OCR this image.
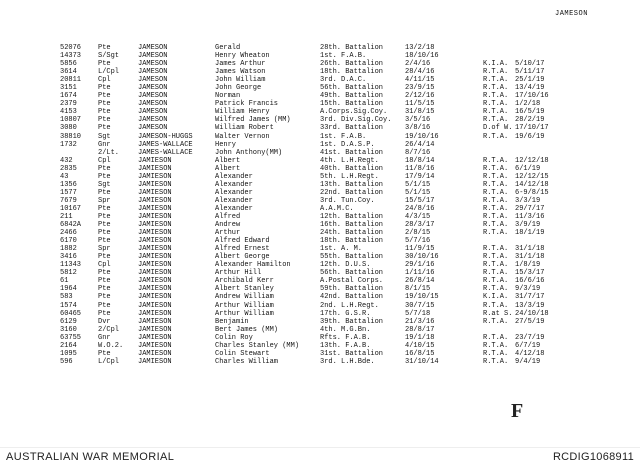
JAMESON
52076 Pte	JAMESON	Gerald	28th. Battalion	13/2/18
14373 S/Sgt	JAMESON	Henry Wheaton	1st. F.A.B.	18/10/16
5856	Pte	JAMESON	James Arthur	26th. Battalion	2/4/16	K.I.A. 5/10/17
3614	L/Cpl	JAMESON	James Watson	18th. Battalion	28/4/16	R.T.A. 5/11/17
20811 Cpl	JAMESON	John William	3rd. D.A.C.	4/11/15	R.T.A. 25/1/19
3151	Pte	JAMESON	John George	56th. Battalion	23/9/15	R.T.A. 13/4/19
1674	Pte	JAMESON	Norman	49th. Battalion	2/12/16	R.T.A. 17/10/16
2379	Pte	JAMESON	Patrick Francis	15th. Battalion	11/5/15	R.T.A. 1/2/18
4153	Pte	JAMESON	William Henry	A.Corps.Sig.Coy.	31/8/15	R.T.A. 16/5/19
10807 Pte	JAMESON	Wilfred James (MM)	3rd. Div.Sig.Coy. 3/5/16	R.T.A. 28/2/19
3080	Pte	JAMESON	William Robert	33rd. Battalion	3/8/16	D.of W. 17/10/17
38810 Sgt	JAMESON-HUGGS	Walter Vernon	1st. F.A.B.	19/10/16	R.T.A. 19/6/19
1732	Gnr	JAMES-WALLACE	Henry	1st. D.A.S.P.	26/4/14
2/Lt.	JAMES-WALLACE	John Anthony(MM)	41st. Battalion	8/7/16
432	Cpl	JAMIESON	Albert	4th. L.H.Regt.	18/8/14	R.T.A. 12/12/18
2835	Pte	JAMIESON	Albert	40th. Battalion	11/8/16	R.T.A. 6/1/19
43	Pte	JAMIESON	Alexander	5th. L.H.Regt.	17/9/14	R.T.A. 12/12/15
1356	Sgt	JAMIESON	Alexander	13th. Battalion	5/1/15	R.T.A. 14/12/18
1577	Pte	JAMIESON	Alexander	22nd. Battalion	5/1/15	R.T.A. 6-9/8/15
7679	Spr	JAMIESON	Alexander	3rd. Tun.Coy.	15/5/17	R.T.A. 3/3/19
10167 Pte	JAMIESON	Alexander	A.A.M.C.	24/8/16	R.T.A. 29/7/17
211	Pte	JAMIESON	Alfred	12th. Battalion	4/3/15	R.T.A. 11/3/16
6842A Pte	JAMIESON	Andrew	16th. Battalion	28/3/17	R.T.A. 3/9/19
2466	Pte	JAMIESON	Arthur	24th. Battalion	2/8/15	R.T.A. 18/1/19
6170	Pte	JAMIESON	Alfred Edward	18th. Battalion	5/7/16
1882	Spr	JAMIESON	Alfred Ernest	1st. A. M.	11/9/15	R.T.A. 31/1/18
3416	Pte	JAMIESON	Albert George	55th. Battalion	30/10/16	R.T.A. 31/1/18
11343 Cpl	JAMIESON	Alexander Hamilton	12th. D.U.S.	29/1/16	R.T.A. 1/8/19
5812	Pte	JAMIESON	Arthur Hill	56th. Battalion	1/11/16	R.T.A. 15/3/17
61	Pte	JAMIESON	Archibald Kerr	A.Postal Corps.	26/8/14	R.T.A. 16/6/16
1964	Pte	JAMIESON	Albert Stanley	59th. Battalion	8/1/15	R.T.A. 9/3/19
583	Pte	JAMIESON	Andrew William	42nd. Battalion	19/10/15	K.I.A. 31/7/17
1574	Pte	JAMIESON	Arthur William	2nd. L.H.Regt.	30/7/15	R.T.A. 13/3/19
60465 Pte	JAMIESON	Arthur William	17th. G.S.R.	5/7/18	R.at S. 24/10/18
6129	Dvr	JAMIESON	Benjamin	39th. Battalion	21/3/16	R.T.A. 27/5/19
3160	2/Cpl	JAMIESON	Bert James (MM)	4th. M.G.Bn.	28/8/17
63755 Gnr	JAMIESON	Colin Roy	Rfts. F.A.B.	19/1/18	R.T.A. 23/7/19
2164	W.O.2. JAMIESON	Charles Stanley (MM)	13th. F.A.B.	4/10/15	R.T.A. 6/7/19
1095	Pte	JAMIESON	Colin Stewart	31st. Battalion	16/8/15	R.T.A. 4/12/18
596	L/Cpl	JAMIESON	Charles William	3rd. L.H.Bde.	31/10/14	R.T.A. 9/4/19
F
AUSTRALIAN WAR MEMORIAL	RCDIG1068911
